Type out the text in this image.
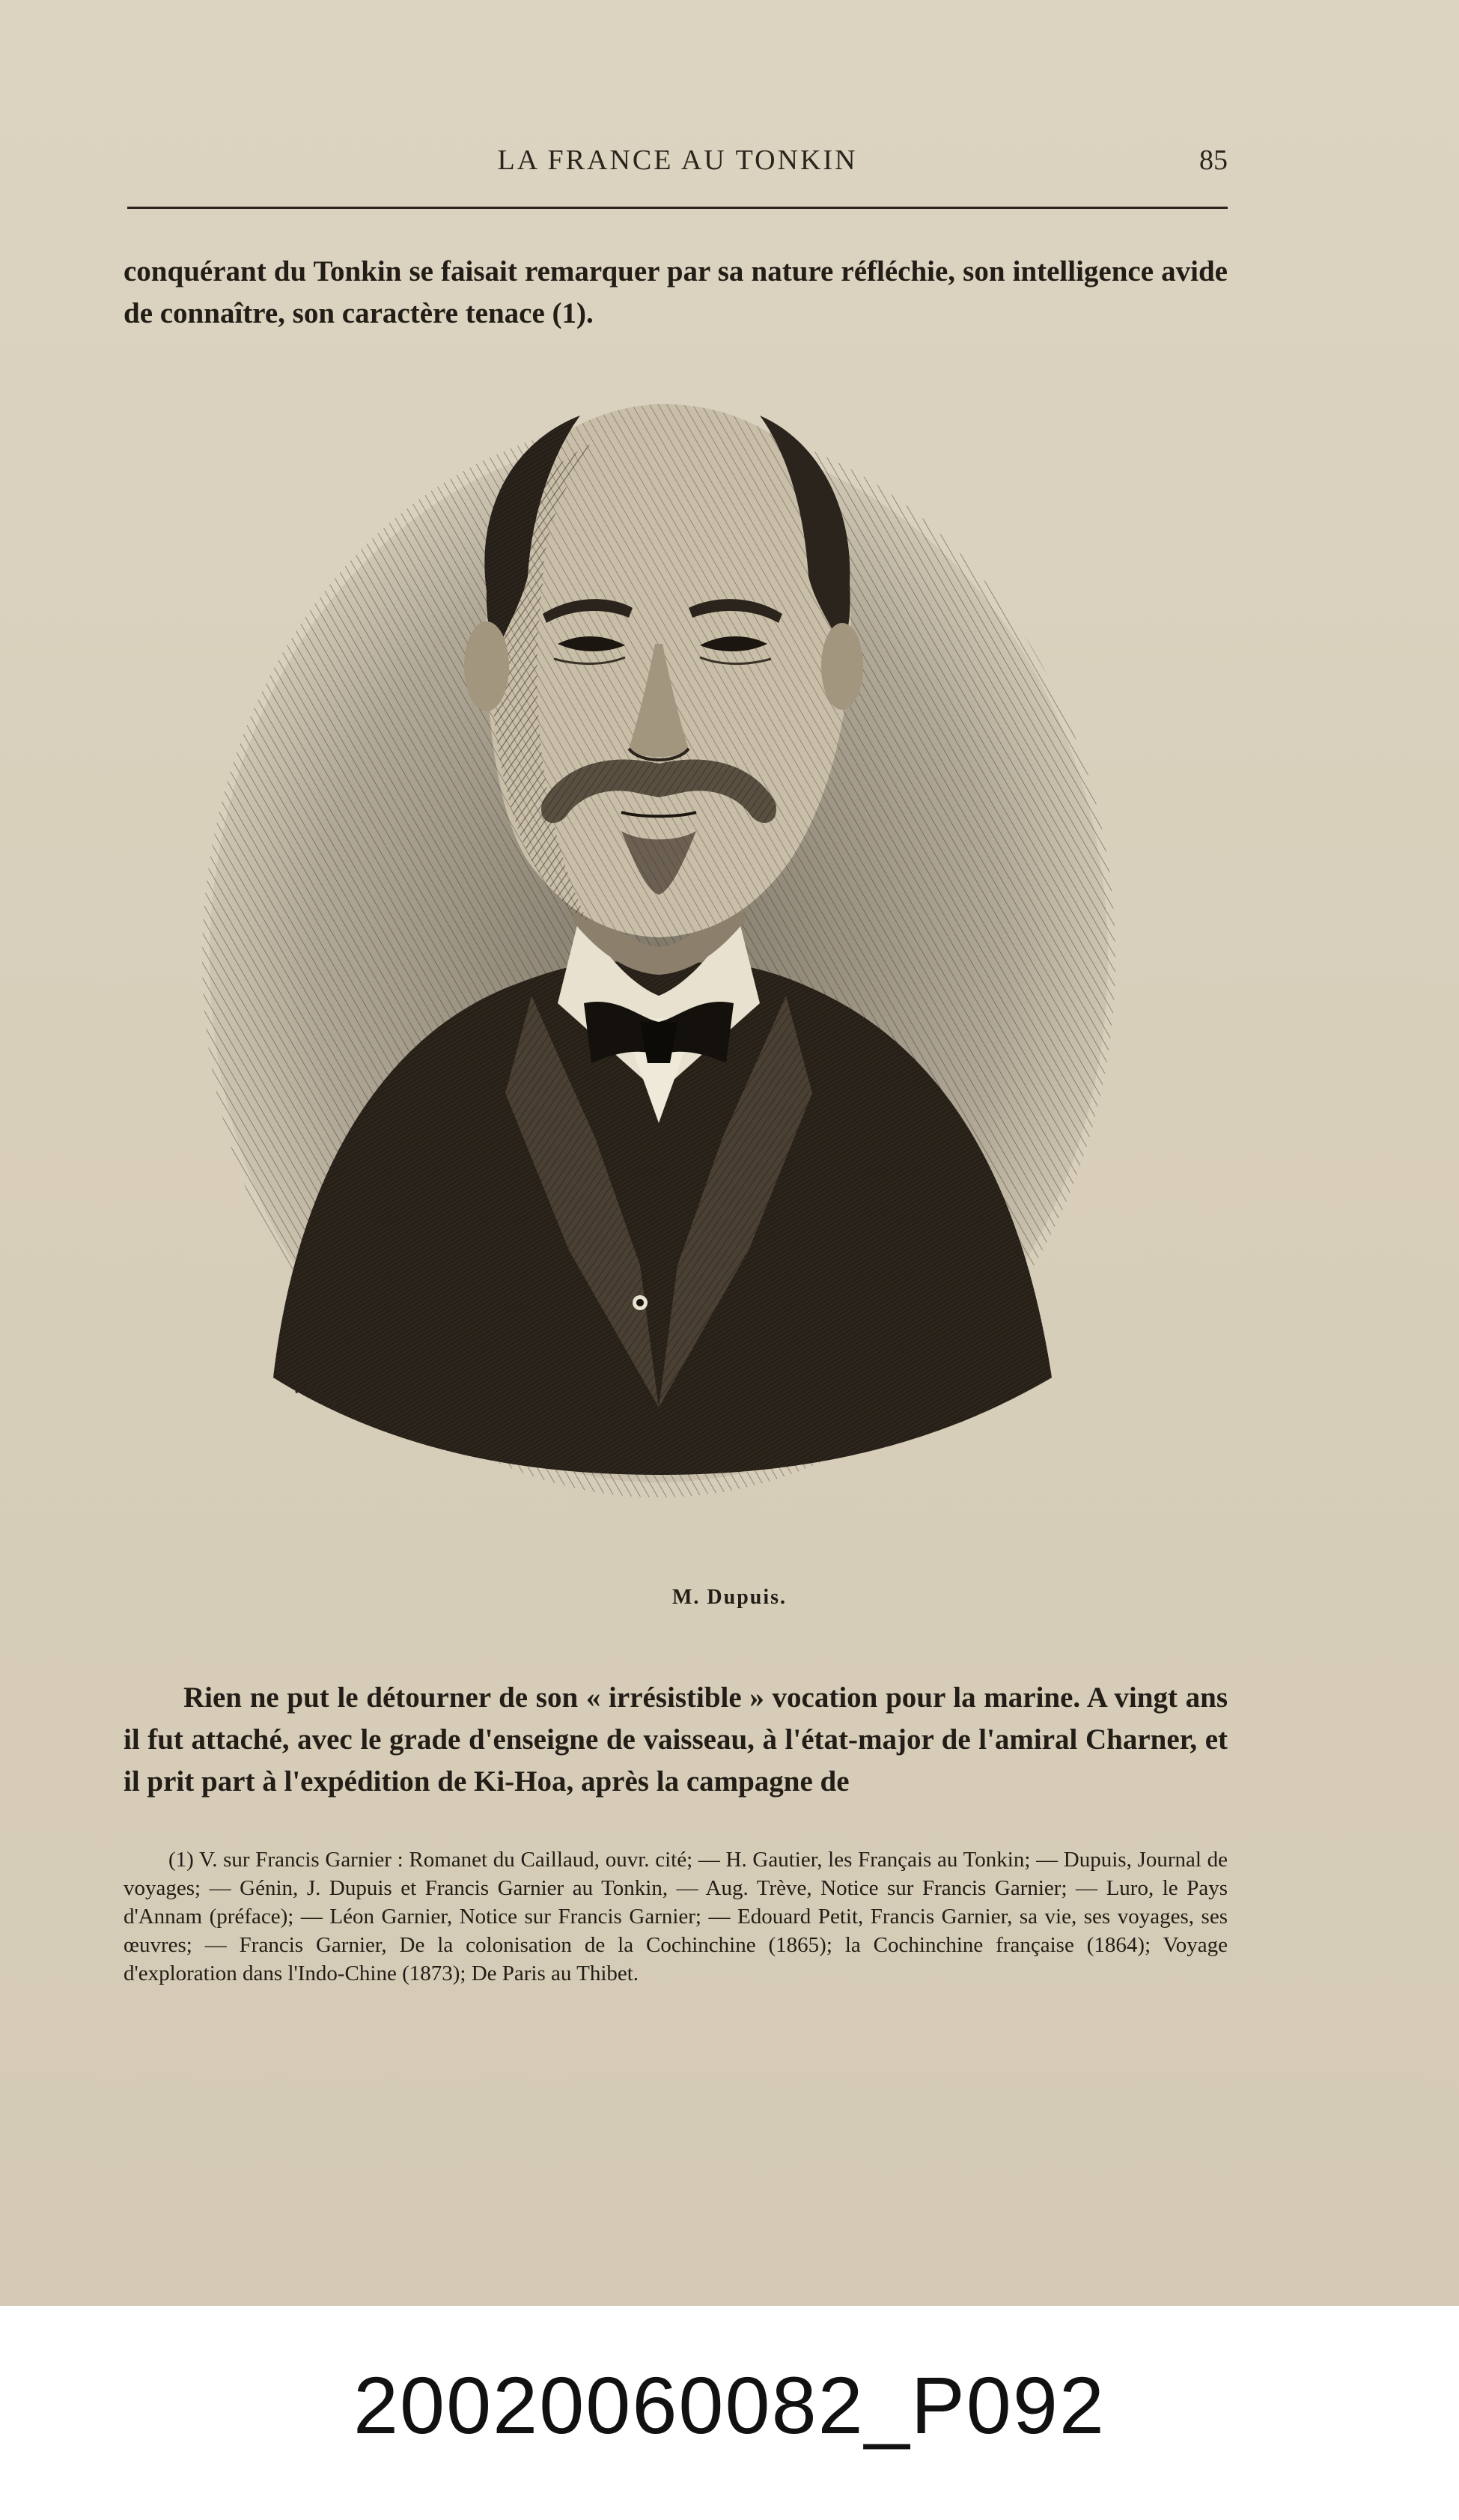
LA FRANCE AU TONKIN	85

conquérant du Tonkin se faisait remarquer par sa nature réfléchie, son intelligence avide de connaître, son caractère tenace (1).

M. Dupuis.

Rien ne put le détourner de son « irrésistible » vocation pour la marine. A vingt ans il fut attaché, avec le grade d'enseigne de vaisseau, à l'état-major de l'amiral Charner, et il prit part à l'expédition de Ki-Hoa, après la campagne de

(1) V. sur Francis Garnier : Romanet du Caillaud, ouvr. cité; — H. Gautier, les Français au Tonkin; — Dupuis, Journal de voyages; — Génin, J. Dupuis et Francis Garnier au Tonkin, — Aug. Trève, Notice sur Francis Garnier; — Luro, le Pays d'Annam (préface); — Léon Garnier, Notice sur Francis Garnier; — Edouard Petit, Francis Garnier, sa vie, ses voyages, ses œuvres; — Francis Garnier, De la colonisation de la Cochinchine (1865); la Cochinchine française (1864); Voyage d'exploration dans l'Indo-Chine (1873); De Paris au Thibet.

20020060082_P092
